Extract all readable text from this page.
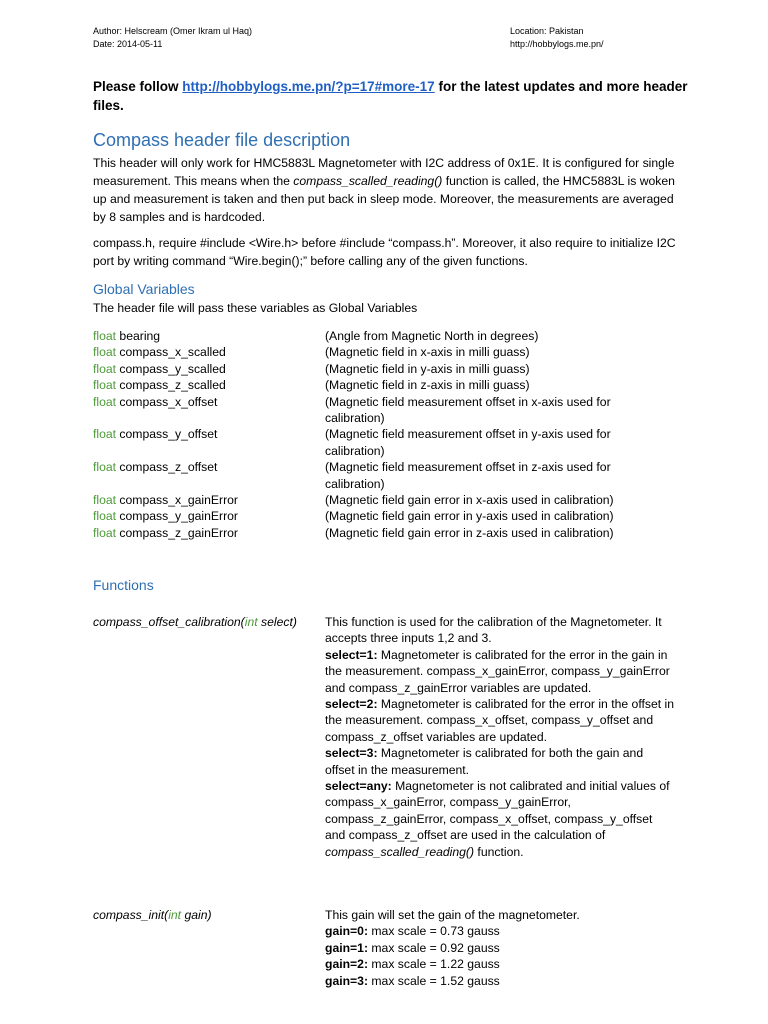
Author: Helscream (Omer Ikram ul Haq)
Date: 2014-05-11
Location: Pakistan
http://hobbylogs.me.pn/
Please follow http://hobbylogs.me.pn/?p=17#more-17 for the latest updates and more header files.
Compass header file description
This header will only work for HMC5883L Magnetometer with I2C address of 0x1E. It is configured for single measurement. This means when the compass_scalled_reading() function is called, the HMC5883L is woken up and measurement is taken and then put back in sleep mode. Moreover, the measurements are averaged by 8 samples and is hardcoded.
compass.h, require #include <Wire.h> before #include “compass.h”. Moreover, it also require to initialize I2C port by writing command “Wire.begin();” before calling any of the given functions.
Global Variables
The header file will pass these variables as Global Variables
float bearing	(Angle from Magnetic North in degrees)
float compass_x_scalled	(Magnetic field in x-axis in milli guass)
float compass_y_scalled	(Magnetic field in y-axis in milli guass)
float compass_z_scalled	(Magnetic field in z-axis in milli guass)
float compass_x_offset	(Magnetic field measurement offset in x-axis used for calibration)
float compass_y_offset	(Magnetic field measurement offset in y-axis used for calibration)
float compass_z_offset	(Magnetic field measurement offset in z-axis used for calibration)
float compass_x_gainError	(Magnetic field gain error in x-axis used in calibration)
float compass_y_gainError	(Magnetic field gain error in y-axis used in calibration)
float compass_z_gainError	(Magnetic field gain error in z-axis used in calibration)
Functions
compass_offset_calibration(int select)	This function is used for the calibration of the Magnetometer. It accepts three inputs 1,2 and 3.
select=1: Magnetometer is calibrated for the error in the gain in the measurement. compass_x_gainError, compass_y_gainError and compass_z_gainError variables are updated.
select=2: Magnetometer is calibrated for the error in the offset in the measurement. compass_x_offset, compass_y_offset and compass_z_offset variables are updated.
select=3: Magnetometer is calibrated for both the gain and offset in the measurement.
select=any: Magnetometer is not calibrated and initial values of compass_x_gainError, compass_y_gainError, compass_z_gainError, compass_x_offset, compass_y_offset and compass_z_offset are used in the calculation of compass_scalled_reading() function.
compass_init(int gain)	This gain will set the gain of the magnetometer.
gain=0: max scale = 0.73 gauss
gain=1: max scale = 0.92 gauss
gain=2: max scale = 1.22 gauss
gain=3: max scale = 1.52 gauss
